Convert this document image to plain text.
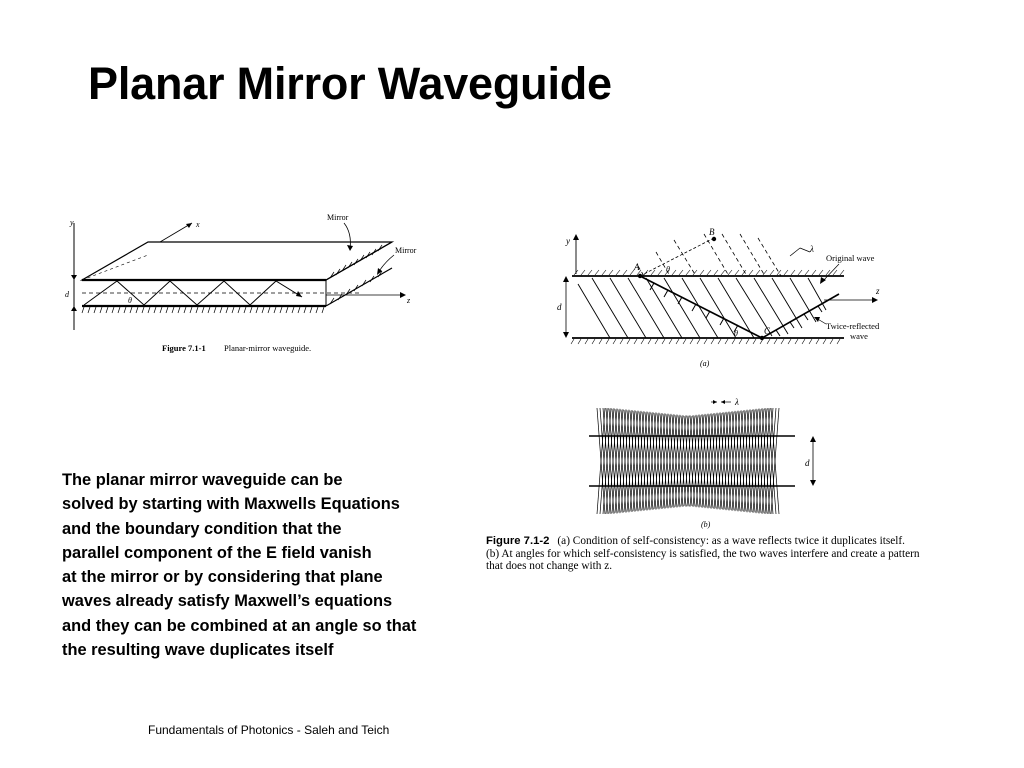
Planar Mirror Waveguide
y	x
θ	z
d
Mirror
Mirror
Figure 7.1-1 Planar-mirror waveguide.
y
B
A
C
θ
θ
λ
d
z
Original wave
Twice-reflected
wave
(a)
λ
d
(b)
Figure 7.1-2 (a) Condition of self-consistency: as a wave reflects twice it duplicates itself.
(b) At angles for which self-consistency is satisfied, the two waves interfere and create a pattern
that does not change with z.
The planar mirror waveguide can be
solved by starting with Maxwells Equations
and the boundary condition that the
parallel component of the E field vanish
at the mirror or by considering that plane
waves already satisfy Maxwell’s equations
and they can be combined at an angle so that
the resulting wave duplicates itself
Fundamentals of Photonics - Saleh and Teich
